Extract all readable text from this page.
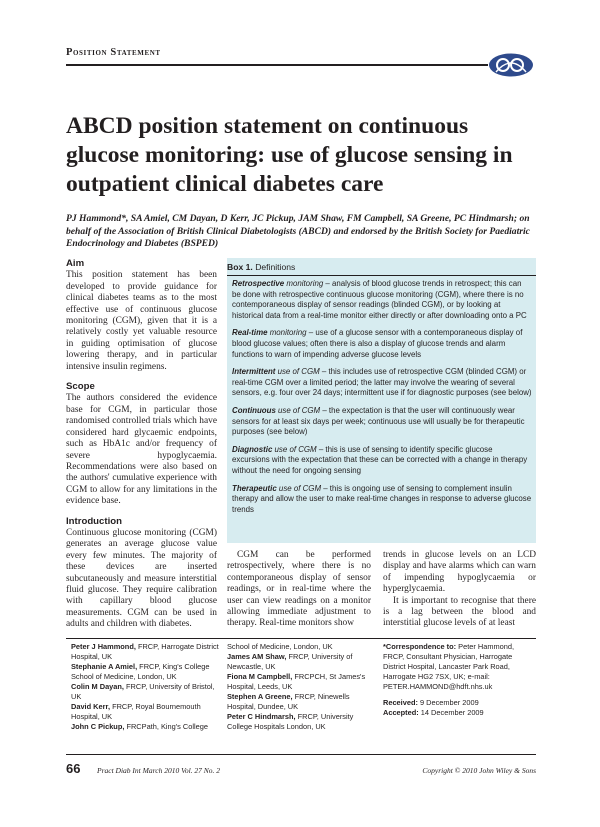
Position Statement
ABCD position statement on continuous glucose monitoring: use of glucose sensing in outpatient clinical diabetes care

PJ Hammond*, SA Amiel, CM Dayan, D Kerr, JC Pickup, JAM Shaw, FM Campbell, SA Greene, PC Hindmarsh; on behalf of the Association of British Clinical Diabetologists (ABCD) and endorsed by the British Society for Paediatric Endocrinology and Diabetes (BSPED)

Aim

This position statement has been developed to provide guidance for clinical diabetes teams as to the most effective use of continuous glucose monitoring (CGM), given that it is a relatively costly yet valuable resource in guiding optimisation of glucose lowering therapy, and in particular intensive insulin regimens.

Scope

The authors considered the evidence base for CGM, in particular those randomised controlled trials which have considered hard glycaemic endpoints, such as HbA1c and/or frequency of severe hypoglycaemia. Recommendations were also based on the authors' cumulative experience with CGM to allow for any limitations in the evidence base.

Introduction

Continuous glucose monitoring (CGM) generates an average glucose value every few minutes. The majority of these devices are inserted subcutaneously and measure interstitial fluid glucose. They require calibration with capillary blood glucose measurements. CGM can be used in adults and children with diabetes.

Box 1. Definitions

Retrospective monitoring – analysis of blood glucose trends in retrospect; this can be done with retrospective continuous glucose monitoring (CGM), where there is no contemporaneous display of sensor readings (blinded CGM), or by looking at historical data from a real-time monitor either directly or after downloading onto a PC

Real-time monitoring – use of a glucose sensor with a contemporaneous display of blood glucose values; often there is also a display of glucose trends and alarm functions to warn of impending adverse glucose levels

Intermittent use of CGM – this includes use of retrospective CGM (blinded CGM) or real-time CGM over a limited period; the latter may involve the wearing of several sensors, e.g. four over 24 days; intermittent use if for diagnostic purposes (see below)

Continuous use of CGM – the expectation is that the user will continuously wear sensors for at least six days per week; continuous use will usually be for therapeutic purposes (see below)

Diagnostic use of CGM – this is use of sensing to identify specific glucose excursions with the expectation that these can be corrected with a change in therapy without the need for ongoing sensing

Therapeutic use of CGM – this is ongoing use of sensing to complement insulin therapy and allow the user to make real-time changes in response to adverse glucose trends

CGM can be performed retrospectively, where there is no contemporaneous display of sensor readings, or in real-time where the user can view readings on a monitor allowing immediate adjustment to therapy. Real-time monitors show

trends in glucose levels on an LCD display and have alarms which can warn of impending hypoglycaemia or hyperglycaemia.

It is important to recognise that there is a lag between the blood and interstitial glucose levels of at least

Peter J Hammond, FRCP, Harrogate District Hospital, UK

Stephanie A Amiel, FRCP, King's College School of Medicine, London, UK

Colin M Dayan, FRCP, University of Bristol, UK

David Kerr, FRCP, Royal Bournemouth Hospital, UK

John C Pickup, FRCPath, King's College

School of Medicine, London, UK

James AM Shaw, FRCP, University of Newcastle, UK

Fiona M Campbell, FRCPCH, St James's Hospital, Leeds, UK

Stephen A Greene, FRCP, Ninewells Hospital, Dundee, UK

Peter C Hindmarsh, FRCP, University College Hospitals London, UK

*Correspondence to: Peter Hammond, FRCP, Consultant Physician, Harrogate District Hospital, Lancaster Park Road, Harrogate HG2 7SX, UK; e-mail: PETER.HAMMOND@hdft.nhs.uk

Received: 9 December 2009

Accepted: 14 December 2009

66 Pract Diab Int March 2010 Vol. 27 No. 2	Copyright © 2010 John Wiley & Sons
